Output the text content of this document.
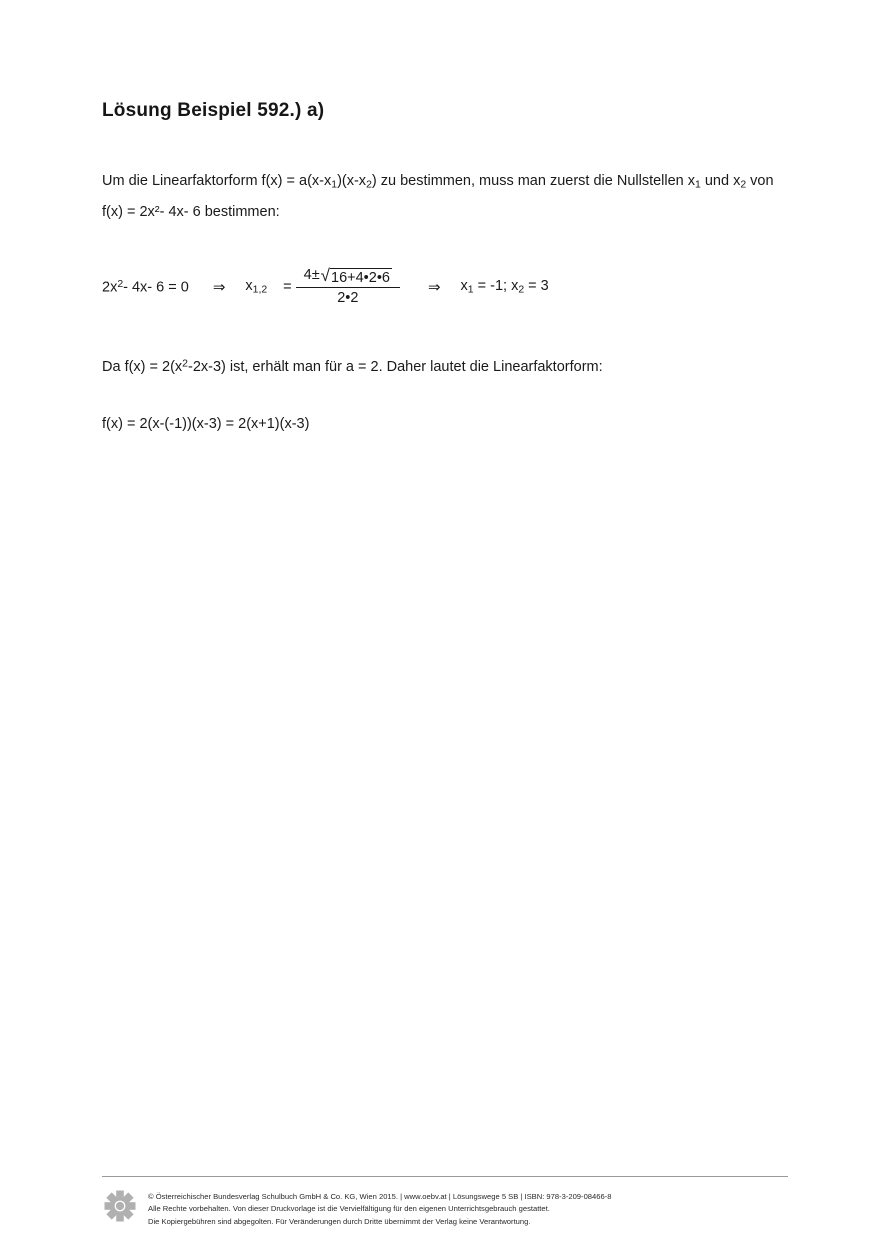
Lösung Beispiel 592.) a)

Um die Linearfaktorform $f(x) = a(x-x_1)(x-x_2)$ zu bestimmen, muss man zuerst die Nullstellen $x_1$ und $x_2$ von
f(x) = 2x²- 4x- 6 bestimmen:

$2x^2-$ 4x- 6 = 0 ⇒ $x_{1,2} = \frac{4\pm √ 16+4•2•6}{2•2}$ ⇒ $x_1 = -1$; $x_2 = 3$

Da $f(x) = 2(x^2-2x-3)$ ist, erhält man für a = 2. Daher lautet die Linearfaktorform:

f(x) = 2(x-(-1))(x-3) = 2(x+1)(x-3)

© Österreichischer Bundesverlag Schulbuch GmbH & Co. KG, Wien 2015. | www.oebv.at | Lösungswege 5 SB | ISBN: 978-3-209-08466-8
Alle Rechte vorbehalten. Von dieser Druckvorlage ist die Vervielfältigung für den eigenen Unterrichtsgebrauch gestattet.
Die Kopiergebühren sind abgegolten. Für Veränderungen durch Dritte übernimmt der Verlag keine Verantwortung.
